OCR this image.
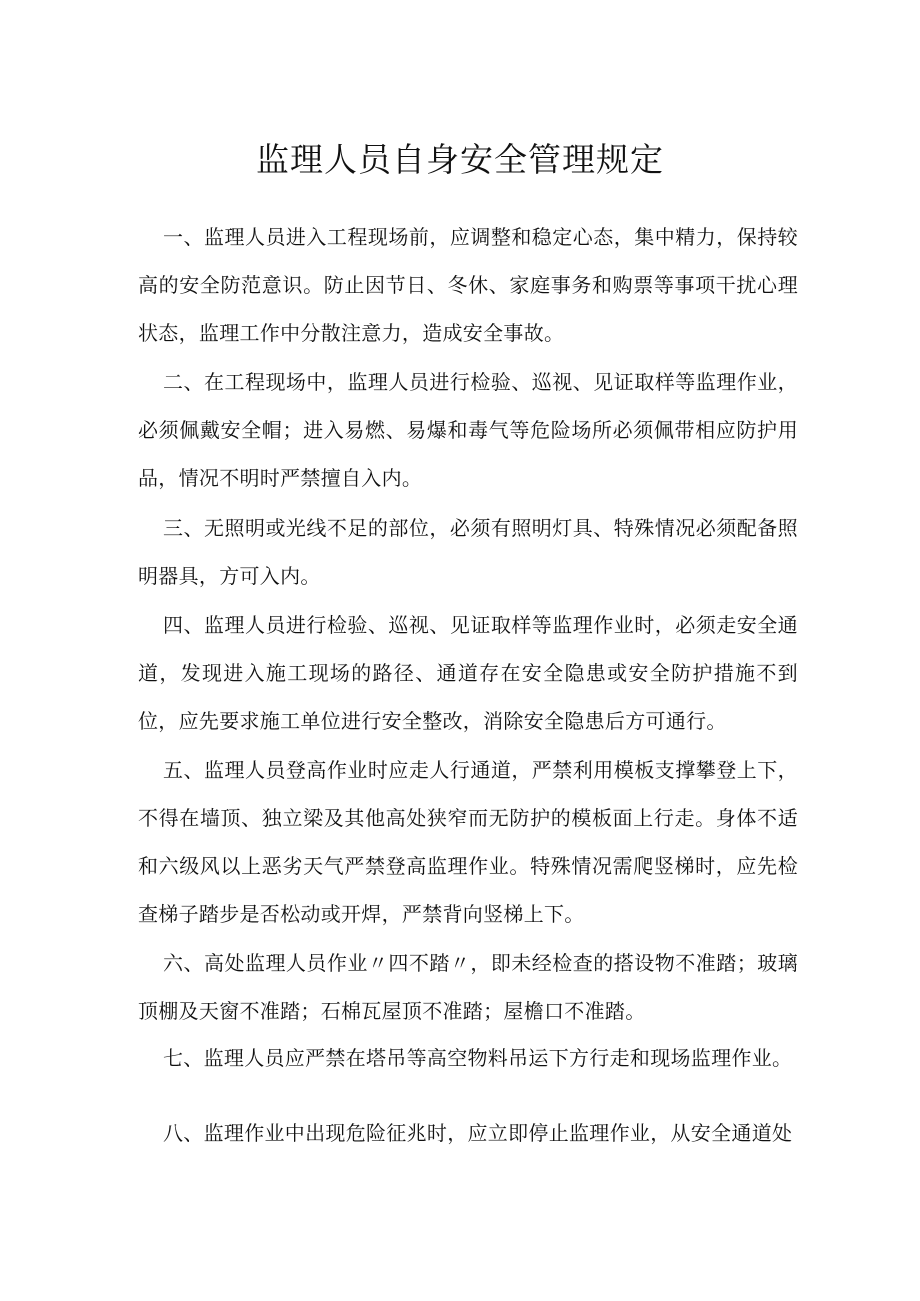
监理人员自身安全管理规定

一、监理人员进入工程现场前，应调整和稳定心态，集中精力，保持较高的安全防范意识。防止因节日、冬休、家庭事务和购票等事项干扰心理状态，监理工作中分散注意力，造成安全事故。

二、在工程现场中，监理人员进行检验、巡视、见证取样等监理作业，必须佩戴安全帽；进入易燃、易爆和毒气等危险场所必须佩带相应防护用品，情况不明时严禁擅自入内。

三、无照明或光线不足的部位，必须有照明灯具、特殊情况必须配备照明器具，方可入内。

四、监理人员进行检验、巡视、见证取样等监理作业时，必须走安全通道，发现进入施工现场的路径、通道存在安全隐患或安全防护措施不到位，应先要求施工单位进行安全整改，消除安全隐患后方可通行。

五、监理人员登高作业时应走人行通道，严禁利用模板支撑攀登上下，不得在墙顶、独立梁及其他高处狭窄而无防护的模板面上行走。身体不适和六级风以上恶劣天气严禁登高监理作业。特殊情况需爬竖梯时，应先检查梯子踏步是否松动或开焊，严禁背向竖梯上下。

六、高处监理人员作业〃四不踏〃，即未经检查的搭设物不准踏；玻璃顶棚及天窗不准踏；石棉瓦屋顶不准踏；屋檐口不准踏。

七、监理人员应严禁在塔吊等高空物料吊运下方行走和现场监理作业。

八、监理作业中出现危险征兆时，应立即停止监理作业，从安全通道处
